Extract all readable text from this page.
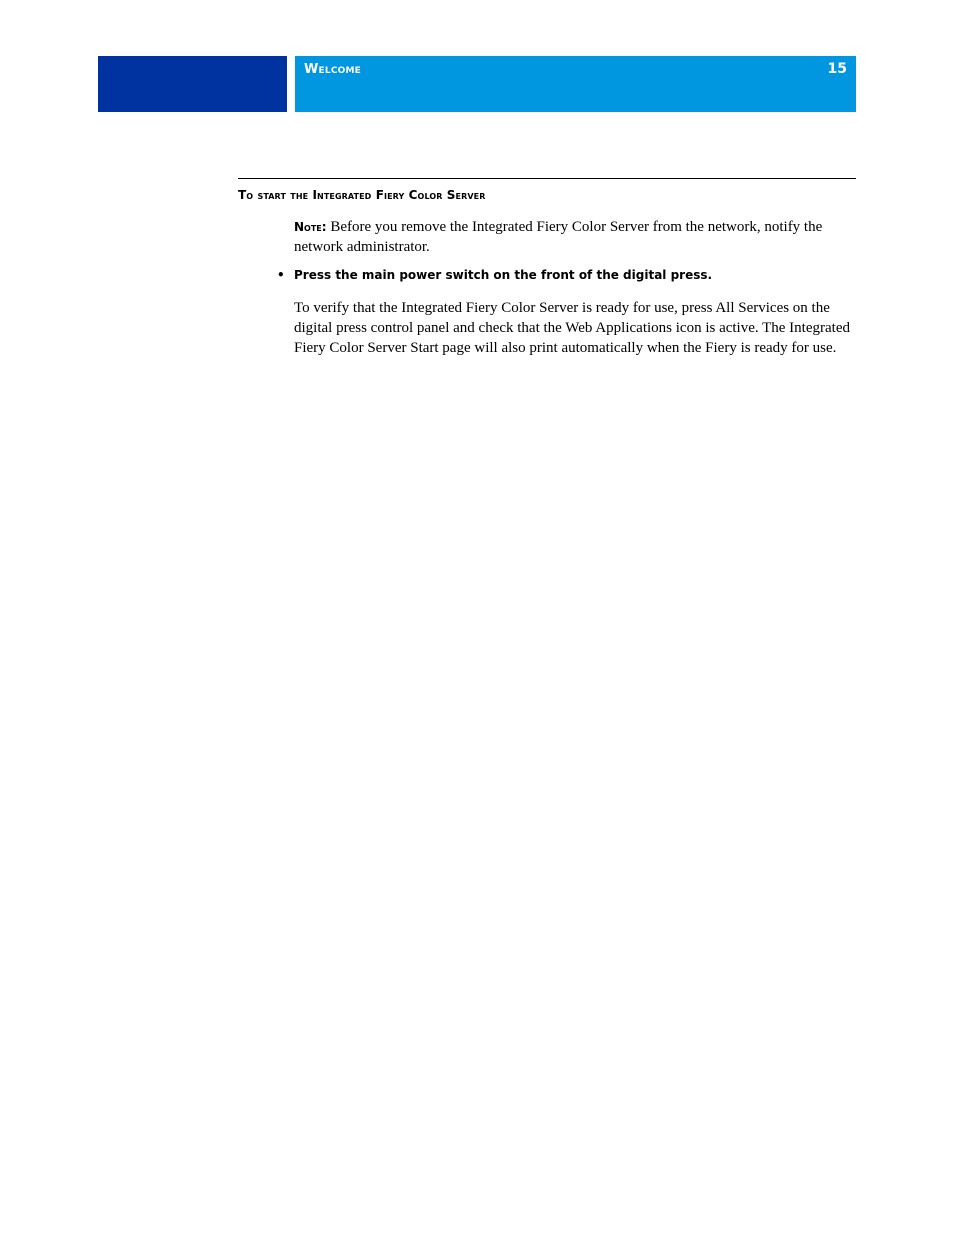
Welcome	15
To start the Integrated Fiery Color Server
Note: Before you remove the Integrated Fiery Color Server from the network, notify the network administrator.
• Press the main power switch on the front of the digital press.
To verify that the Integrated Fiery Color Server is ready for use, press All Services on the digital press control panel and check that the Web Applications icon is active. The Integrated Fiery Color Server Start page will also print automatically when the Fiery is ready for use.
